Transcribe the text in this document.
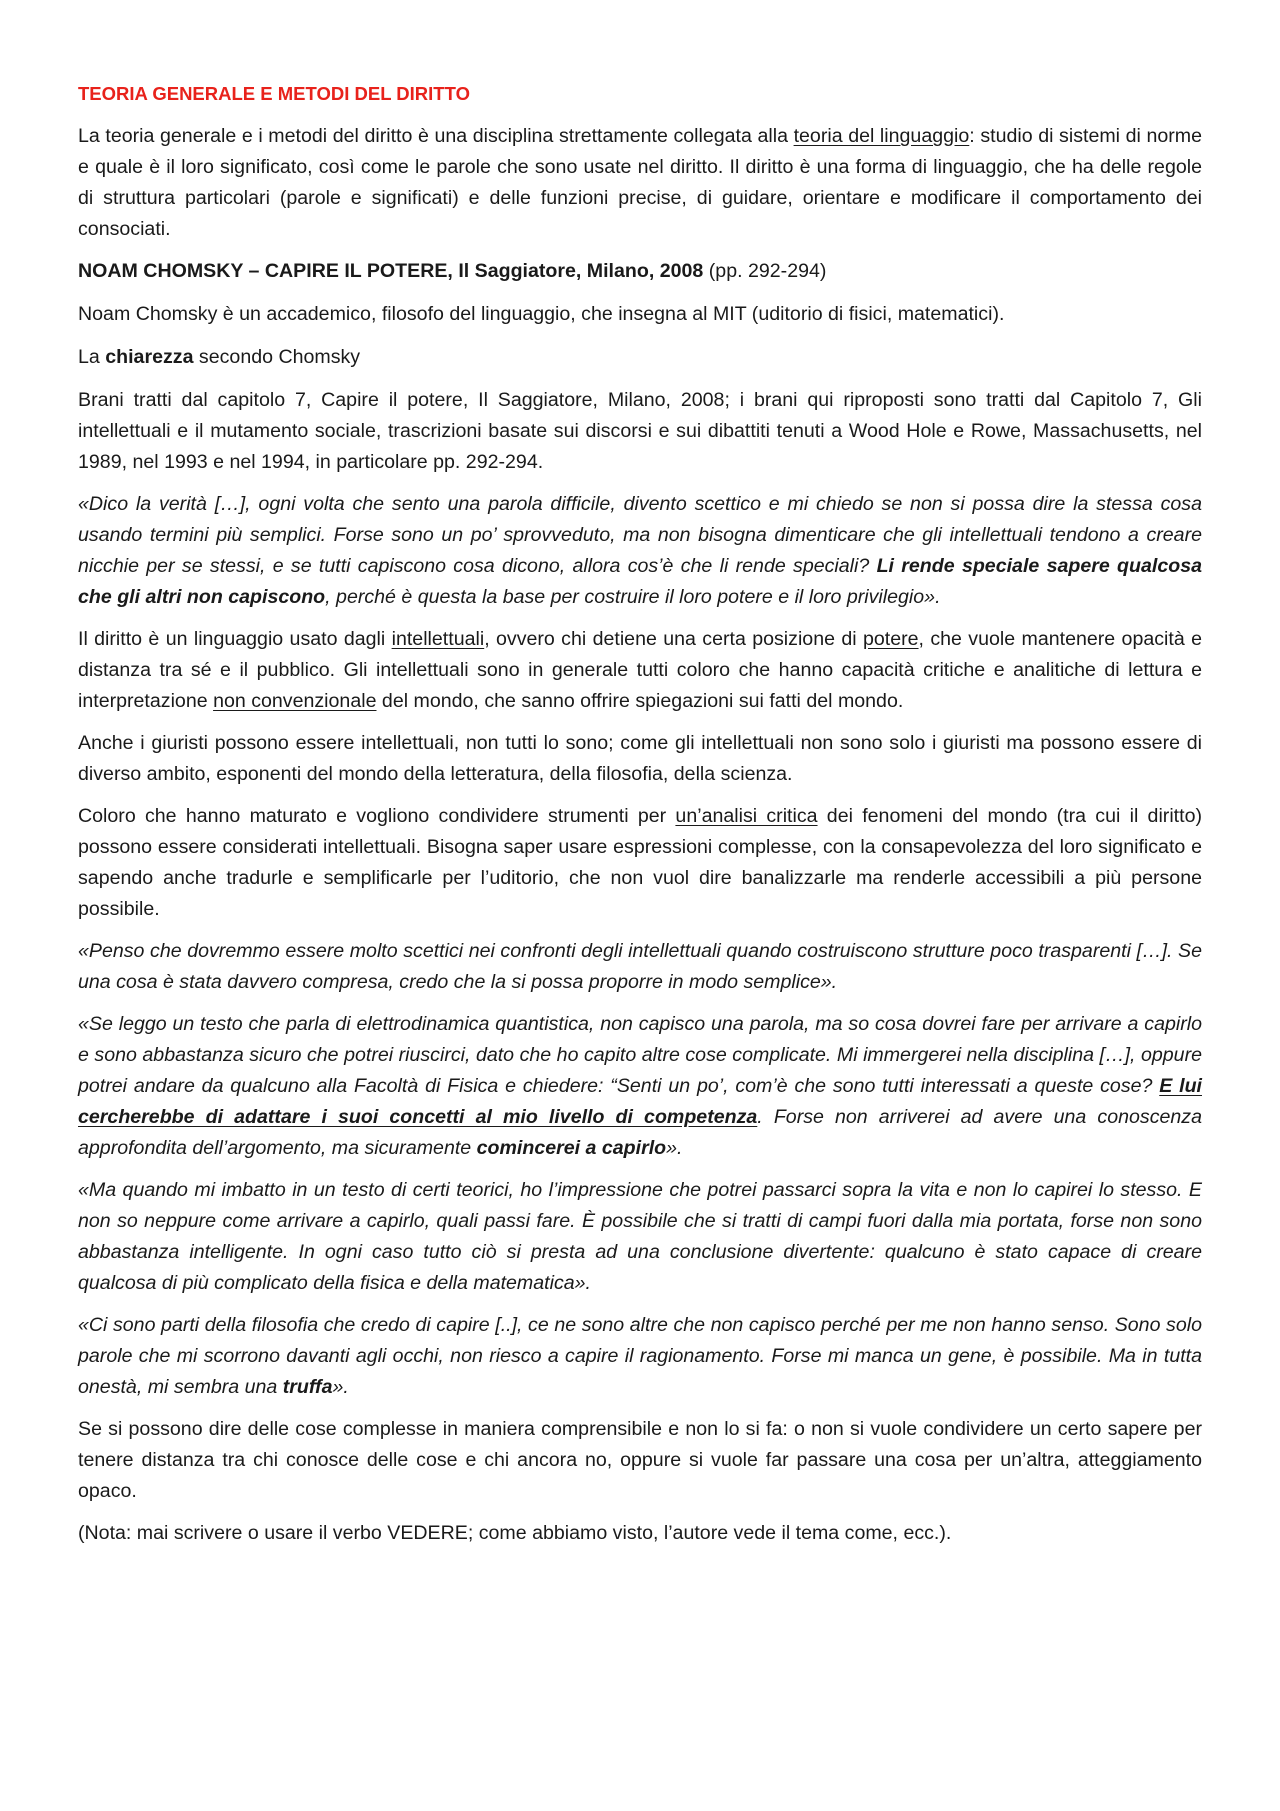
TEORIA GENERALE E METODI DEL DIRITTO

La teoria generale e i metodi del diritto è una disciplina strettamente collegata alla teoria del linguaggio: studio di sistemi di norme e quale è il loro significato, così come le parole che sono usate nel diritto. Il diritto è una forma di linguaggio, che ha delle regole di struttura particolari (parole e significati) e delle funzioni precise, di guidare, orientare e modificare il comportamento dei consociati.

NOAM CHOMSKY – CAPIRE IL POTERE, Il Saggiatore, Milano, 2008 (pp. 292-294)

Noam Chomsky è un accademico, filosofo del linguaggio, che insegna al MIT (uditorio di fisici, matematici).

La chiarezza secondo Chomsky

Brani tratti dal capitolo 7, Capire il potere, Il Saggiatore, Milano, 2008; i brani qui riproposti sono tratti dal Capitolo 7, Gli intellettuali e il mutamento sociale, trascrizioni basate sui discorsi e sui dibattiti tenuti a Wood Hole e Rowe, Massachusetts, nel 1989, nel 1993 e nel 1994, in particolare pp. 292-294.

«Dico la verità […], ogni volta che sento una parola difficile, divento scettico e mi chiedo se non si possa dire la stessa cosa usando termini più semplici. Forse sono un po’ sprovveduto, ma non bisogna dimenticare che gli intellettuali tendono a creare nicchie per se stessi, e se tutti capiscono cosa dicono, allora cos’è che li rende speciali? Li rende speciale sapere qualcosa che gli altri non capiscono, perché è questa la base per costruire il loro potere e il loro privilegio».

Il diritto è un linguaggio usato dagli intellettuali, ovvero chi detiene una certa posizione di potere, che vuole mantenere opacità e distanza tra sé e il pubblico. Gli intellettuali sono in generale tutti coloro che hanno capacità critiche e analitiche di lettura e interpretazione non convenzionale del mondo, che sanno offrire spiegazioni sui fatti del mondo.

Anche i giuristi possono essere intellettuali, non tutti lo sono; come gli intellettuali non sono solo i giuristi ma possono essere di diverso ambito, esponenti del mondo della letteratura, della filosofia, della scienza.

Coloro che hanno maturato e vogliono condividere strumenti per un’analisi critica dei fenomeni del mondo (tra cui il diritto) possono essere considerati intellettuali. Bisogna saper usare espressioni complesse, con la consapevolezza del loro significato e sapendo anche tradurle e semplificarle per l’uditorio, che non vuol dire banalizzarle ma renderle accessibili a più persone possibile.

«Penso che dovremmo essere molto scettici nei confronti degli intellettuali quando costruiscono strutture poco trasparenti […]. Se una cosa è stata davvero compresa, credo che la si possa proporre in modo semplice».

«Se leggo un testo che parla di elettrodinamica quantistica, non capisco una parola, ma so cosa dovrei fare per arrivare a capirlo e sono abbastanza sicuro che potrei riuscirci, dato che ho capito altre cose complicate. Mi immergerei nella disciplina […], oppure potrei andare da qualcuno alla Facoltà di Fisica e chiedere: “Senti un po’, com’è che sono tutti interessati a queste cose? E lui cercherebbe di adattare i suoi concetti al mio livello di competenza. Forse non arriverei ad avere una conoscenza approfondita dell’argomento, ma sicuramente comincerei a capirlo».

«Ma quando mi imbatto in un testo di certi teorici, ho l’impressione che potrei passarci sopra la vita e non lo capirei lo stesso. E non so neppure come arrivare a capirlo, quali passi fare. È possibile che si tratti di campi fuori dalla mia portata, forse non sono abbastanza intelligente. In ogni caso tutto ciò si presta ad una conclusione divertente: qualcuno è stato capace di creare qualcosa di più complicato della fisica e della matematica».

«Ci sono parti della filosofia che credo di capire [..], ce ne sono altre che non capisco perché per me non hanno senso. Sono solo parole che mi scorrono davanti agli occhi, non riesco a capire il ragionamento. Forse mi manca un gene, è possibile. Ma in tutta onestà, mi sembra una truffa».

Se si possono dire delle cose complesse in maniera comprensibile e non lo si fa: o non si vuole condividere un certo sapere per tenere distanza tra chi conosce delle cose e chi ancora no, oppure si vuole far passare una cosa per un’altra, atteggiamento opaco.

(Nota: mai scrivere o usare il verbo VEDERE; come abbiamo visto, l’autore vede il tema come, ecc.).
